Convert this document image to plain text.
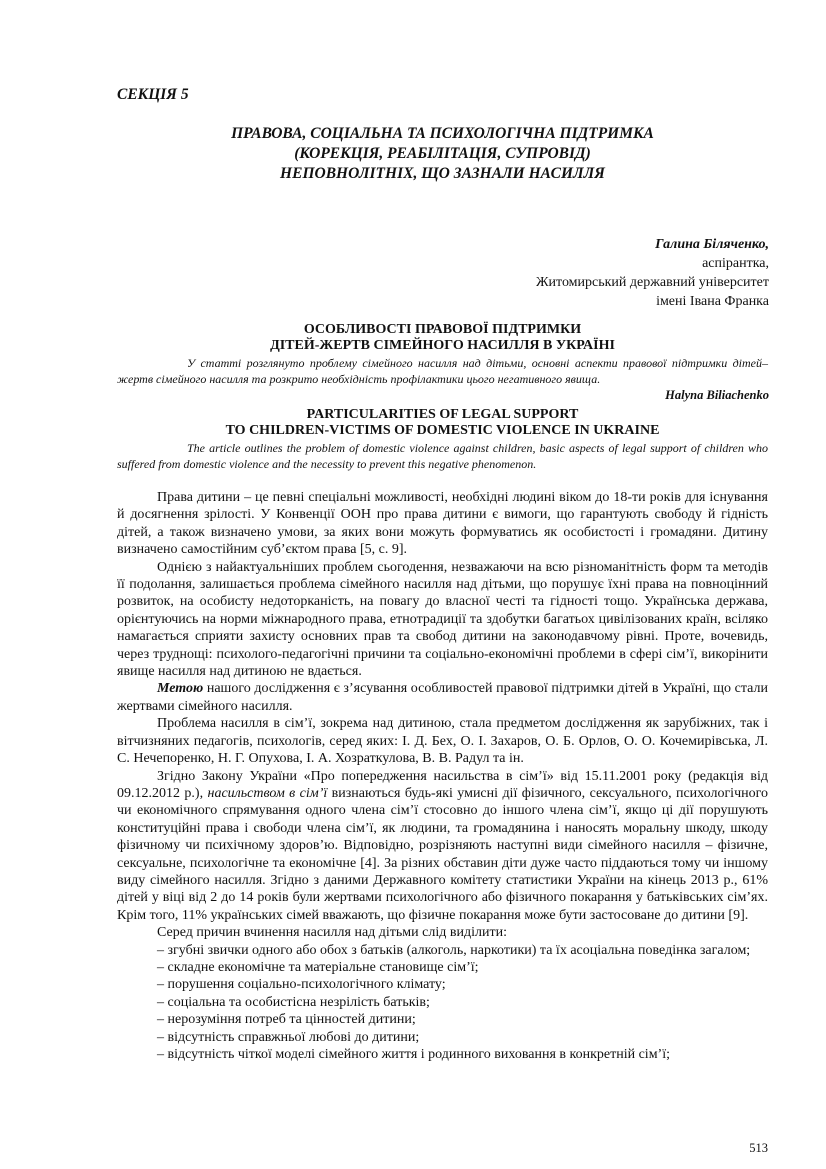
СЕКЦІЯ 5
ПРАВОВА, СОЦІАЛЬНА ТА ПСИХОЛОГІЧНА ПІДТРИМКА
(КОРЕКЦІЯ, РЕАБІЛІТАЦІЯ, СУПРОВІД)
НЕПОВНОЛІТНІХ, ЩО ЗАЗНАЛИ НАСИЛЛЯ
Галина Біляченко,
аспірантка,
Житомирський державний університет
імені Івана Франка
ОСОБЛИВОСТІ ПРАВОВОЇ ПІДТРИМКИ
ДІТЕЙ-ЖЕРТВ СІМЕЙНОГО НАСИЛЛЯ В УКРАЇНІ
У статті розглянуто проблему сімейного насилля над дітьми, основні аспекти правової підтримки дітей–жертв сімейного насилля та розкрито необхідність профілактики цього негативного явища.
Halyna Biliachenko
PARTICULARITIES OF LEGAL SUPPORT
TO CHILDREN-VICTIMS OF DOMESTIC VIOLENCE IN UKRAINE
The article outlines the problem of domestic violence against children, basic aspects of legal support of children who suffered from domestic violence and the necessity to prevent this negative phenomenon.

Права дитини – це певні спеціальні можливості, необхідні людині віком до 18-ти років для існування й досягнення зрілості. У Конвенції ООН про права дитини є вимоги, що гарантують свободу й гідність дітей, а також визначено умови, за яких вони можуть формуватись як особистості і громадяни. Дитину визначено самостійним суб’єктом права [5, с. 9].

Однією з найактуальніших проблем сьогодення, незважаючи на всю різноманітність форм та методів її подолання, залишається проблема сімейного насилля над дітьми, що порушує їхні права на повноцінний розвиток, на особисту недоторканість, на повагу до власної честі та гідності тощо. Українська держава, орієнтуючись на норми міжнародного права, етнотрадиції та здобутки багатьох цивілізованих країн, всіляко намагається сприяти захисту основних прав та свобод дитини на законодавчому рівні. Проте, вочевидь, через труднощі: психолого-педагогічні причини та соціально-економічні проблеми в сфері сім’ї, викорінити явище насилля над дитиною не вдається.

Метою нашого дослідження є з’ясування особливостей правової підтримки дітей в Україні, що стали жертвами сімейного насилля.

Проблема насилля в сім’ї, зокрема над дитиною, стала предметом дослідження як зарубіжних, так і вітчизняних педагогів, психологів, серед яких: І. Д. Бех, О. І. Захаров, О. Б. Орлов, О. О. Кочемирівська, Л. С. Нечепоренко, Н. Г. Опухова, І. А. Хозраткулова, В. В. Радул та ін.

Згідно Закону України «Про попередження насильства в сім’ї» від 15.11.2001 року (редакція від 09.12.2012 р.), насильством в сім’ї визнаються будь-які умисні дії фізичного, сексуального, психологічного чи економічного спрямування одного члена сім’ї стосовно до іншого члена сім’ї, якщо ці дії порушують конституційні права і свободи члена сім’ї, як людини, та громадянина і наносять моральну шкоду, шкоду фізичному чи психічному здоров’ю. Відповідно, розрізняють наступні види сімейного насилля – фізичне, сексуальне, психологічне та економічне [4]. За різних обставин діти дуже часто піддаються тому чи іншому виду сімейного насилля. Згідно з даними Державного комітету статистики України на кінець 2013 р., 61% дітей у віці від 2 до 14 років були жертвами психологічного або фізичного покарання у батьківських сім’ях. Крім того, 11% українських сімей вважають, що фізичне покарання може бути застосоване до дитини [9].

Серед причин вчинення насилля над дітьми слід виділити:

– згубні звички одного або обох з батьків (алкоголь, наркотики) та їх асоціальна поведінка загалом;

– складне економічне та матеріальне становище сім’ї;

– порушення соціально-психологічного клімату;

– соціальна та особистісна незрілість батьків;

– нерозуміння потреб та цінностей дитини;

– відсутність справжньої любові до дитини;

– відсутність чіткої моделі сімейного життя і родинного виховання в конкретній сім’ї;

513
